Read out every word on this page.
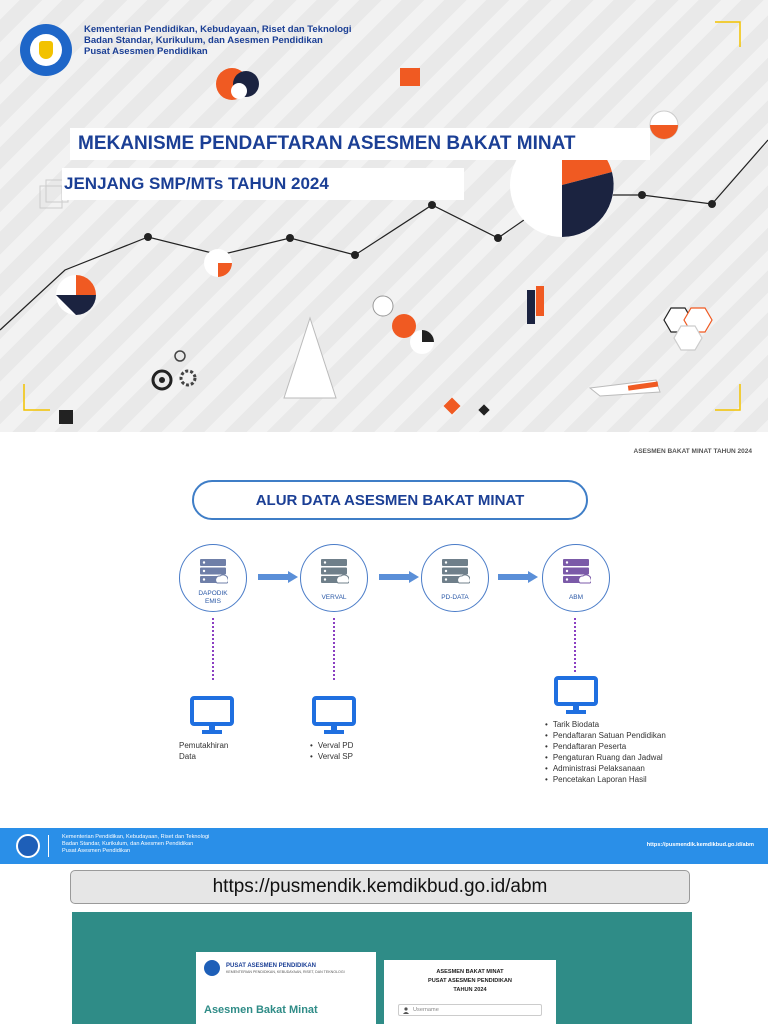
Kementerian Pendidikan, Kebudayaan, Riset dan Teknologi
Badan Standar, Kurikulum, dan Asesmen Pendidikan
Pusat Asesmen Pendidikan
MEKANISME PENDAFTARAN ASESMEN BAKAT MINAT
JENJANG SMP/MTs TAHUN 2024
ASESMEN BAKAT MINAT TAHUN 2024
ALUR DATA ASESMEN BAKAT MINAT
DAPODIK
EMIS
VERVAL	PD-DATA	ABM
Pemutakhiran
Data
• Verval PD
• Verval SP
• Tarik Biodata
• Pendaftaran Satuan Pendidikan
• Pendaftaran Peserta
• Pengaturan Ruang dan Jadwal
• Administrasi Pelaksanaan
• Pencetakan Laporan Hasil
Kementerian Pendidikan, Kebudayaan, Riset dan Teknologi
Badan Standar, Kurikulum, dan Asesmen Pendidikan
Pusat Asesmen Pendidikan
https://pusmendik.kemdikbud.go.id/abm
https://pusmendik.kemdikbud.go.id/abm
PUSAT ASESMEN PENDIDIKAN
KEMENTERIAN PENDIDIKAN, KEBUDAYAAN, RISET, DAN TEKNOLOGI
Asesmen Bakat Minat
ASESMEN BAKAT MINAT
PUSAT ASESMEN PENDIDIKAN
TAHUN 2024
Username
